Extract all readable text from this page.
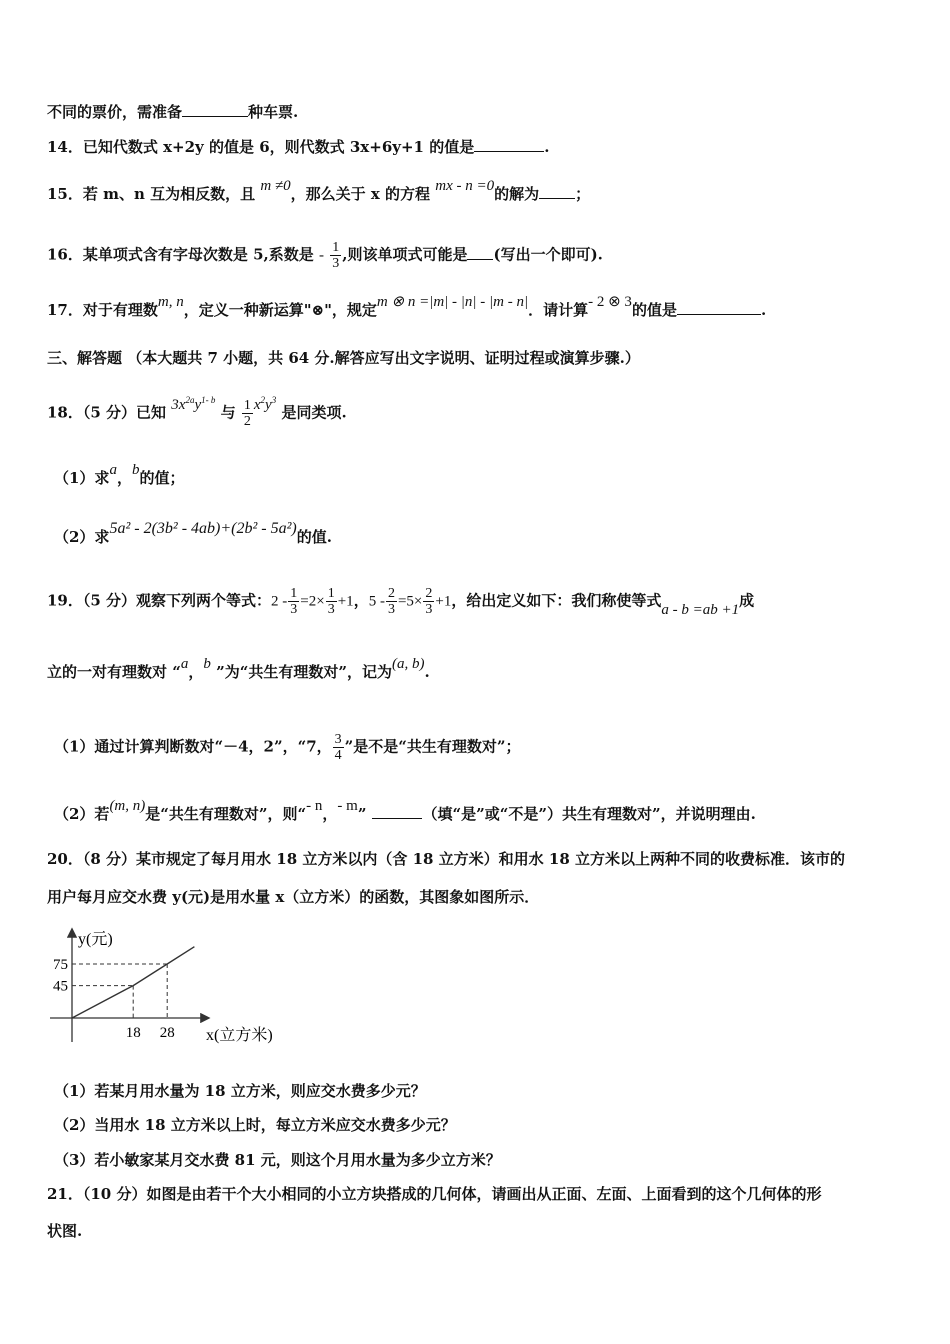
不同的票价，需准备	种车票.
14．已知代数式 x+2y 的值是 6，则代数式 3x+6y+1 的值是	.
15．若 m、n 互为相反数，且 m ≠0，那么关于 x 的方程 mx - n =0的解为 ；
16．某单项式含有字母次数是 5,系数是 - $\frac{1}{3}$ ,则该单项式可能是 (写出一个即可).
17．对于有理数m, n，定义一种新运算"⊗"，规定m ⊗ n =|m| - |n| - |m - n|．请计算- 2 ⊗ 3的值是	.
三、解答题 （本大题共 7 小题，共 64 分.解答应写出文字说明、证明过程或演算步骤.）
18．（5 分）已知 $3x^{2a}y^{1- b}$ 与 $\frac{1}{2} x^2y^3$ 是同类项.
（1）求a，b的值；
（2）求5a² - 2(3b² - 4ab)+(2b² - 5a²)的值.
19．（5 分）观察下列两个等式：$2 - \frac{1}{3} =2\times \frac{1}{3} +1$，$5 - \frac{2}{3} =5\times \frac{2}{3} +1$，给出定义如下：我们称使等式a - b =ab +1成
立的一对有理数对 “a，b ”为“共生有理数对”，记为(a, b).
（1）通过计算判断数对“－4，2”，“7， $\frac{3}{4}$ ”是不是“共生有理数对”；
（2）若(m, n)是“共生有理数对”，则“- n，- m”	（填“是”或“不是”）共生有理数对”，并说明理由.
20．（8 分）某市规定了每月用水 18 立方米以内（含 18 立方米）和用水 18 立方米以上两种不同的收费标准．该市的
用户每月应交水费 y(元)是用水量 x（立方米）的函数，其图象如图所示．
y(元)
x(立方米)
18 28
45
75
（1）若某月用水量为 18 立方米，则应交水费多少元？
（2）当用水 18 立方米以上时，每立方米应交水费多少元？
（3）若小敏家某月交水费 81 元，则这个月用水量为多少立方米？
21．（10 分）如图是由若干个大小相同的小立方块搭成的几何体，请画出从正面、左面、上面看到的这个几何体的形
状图.
